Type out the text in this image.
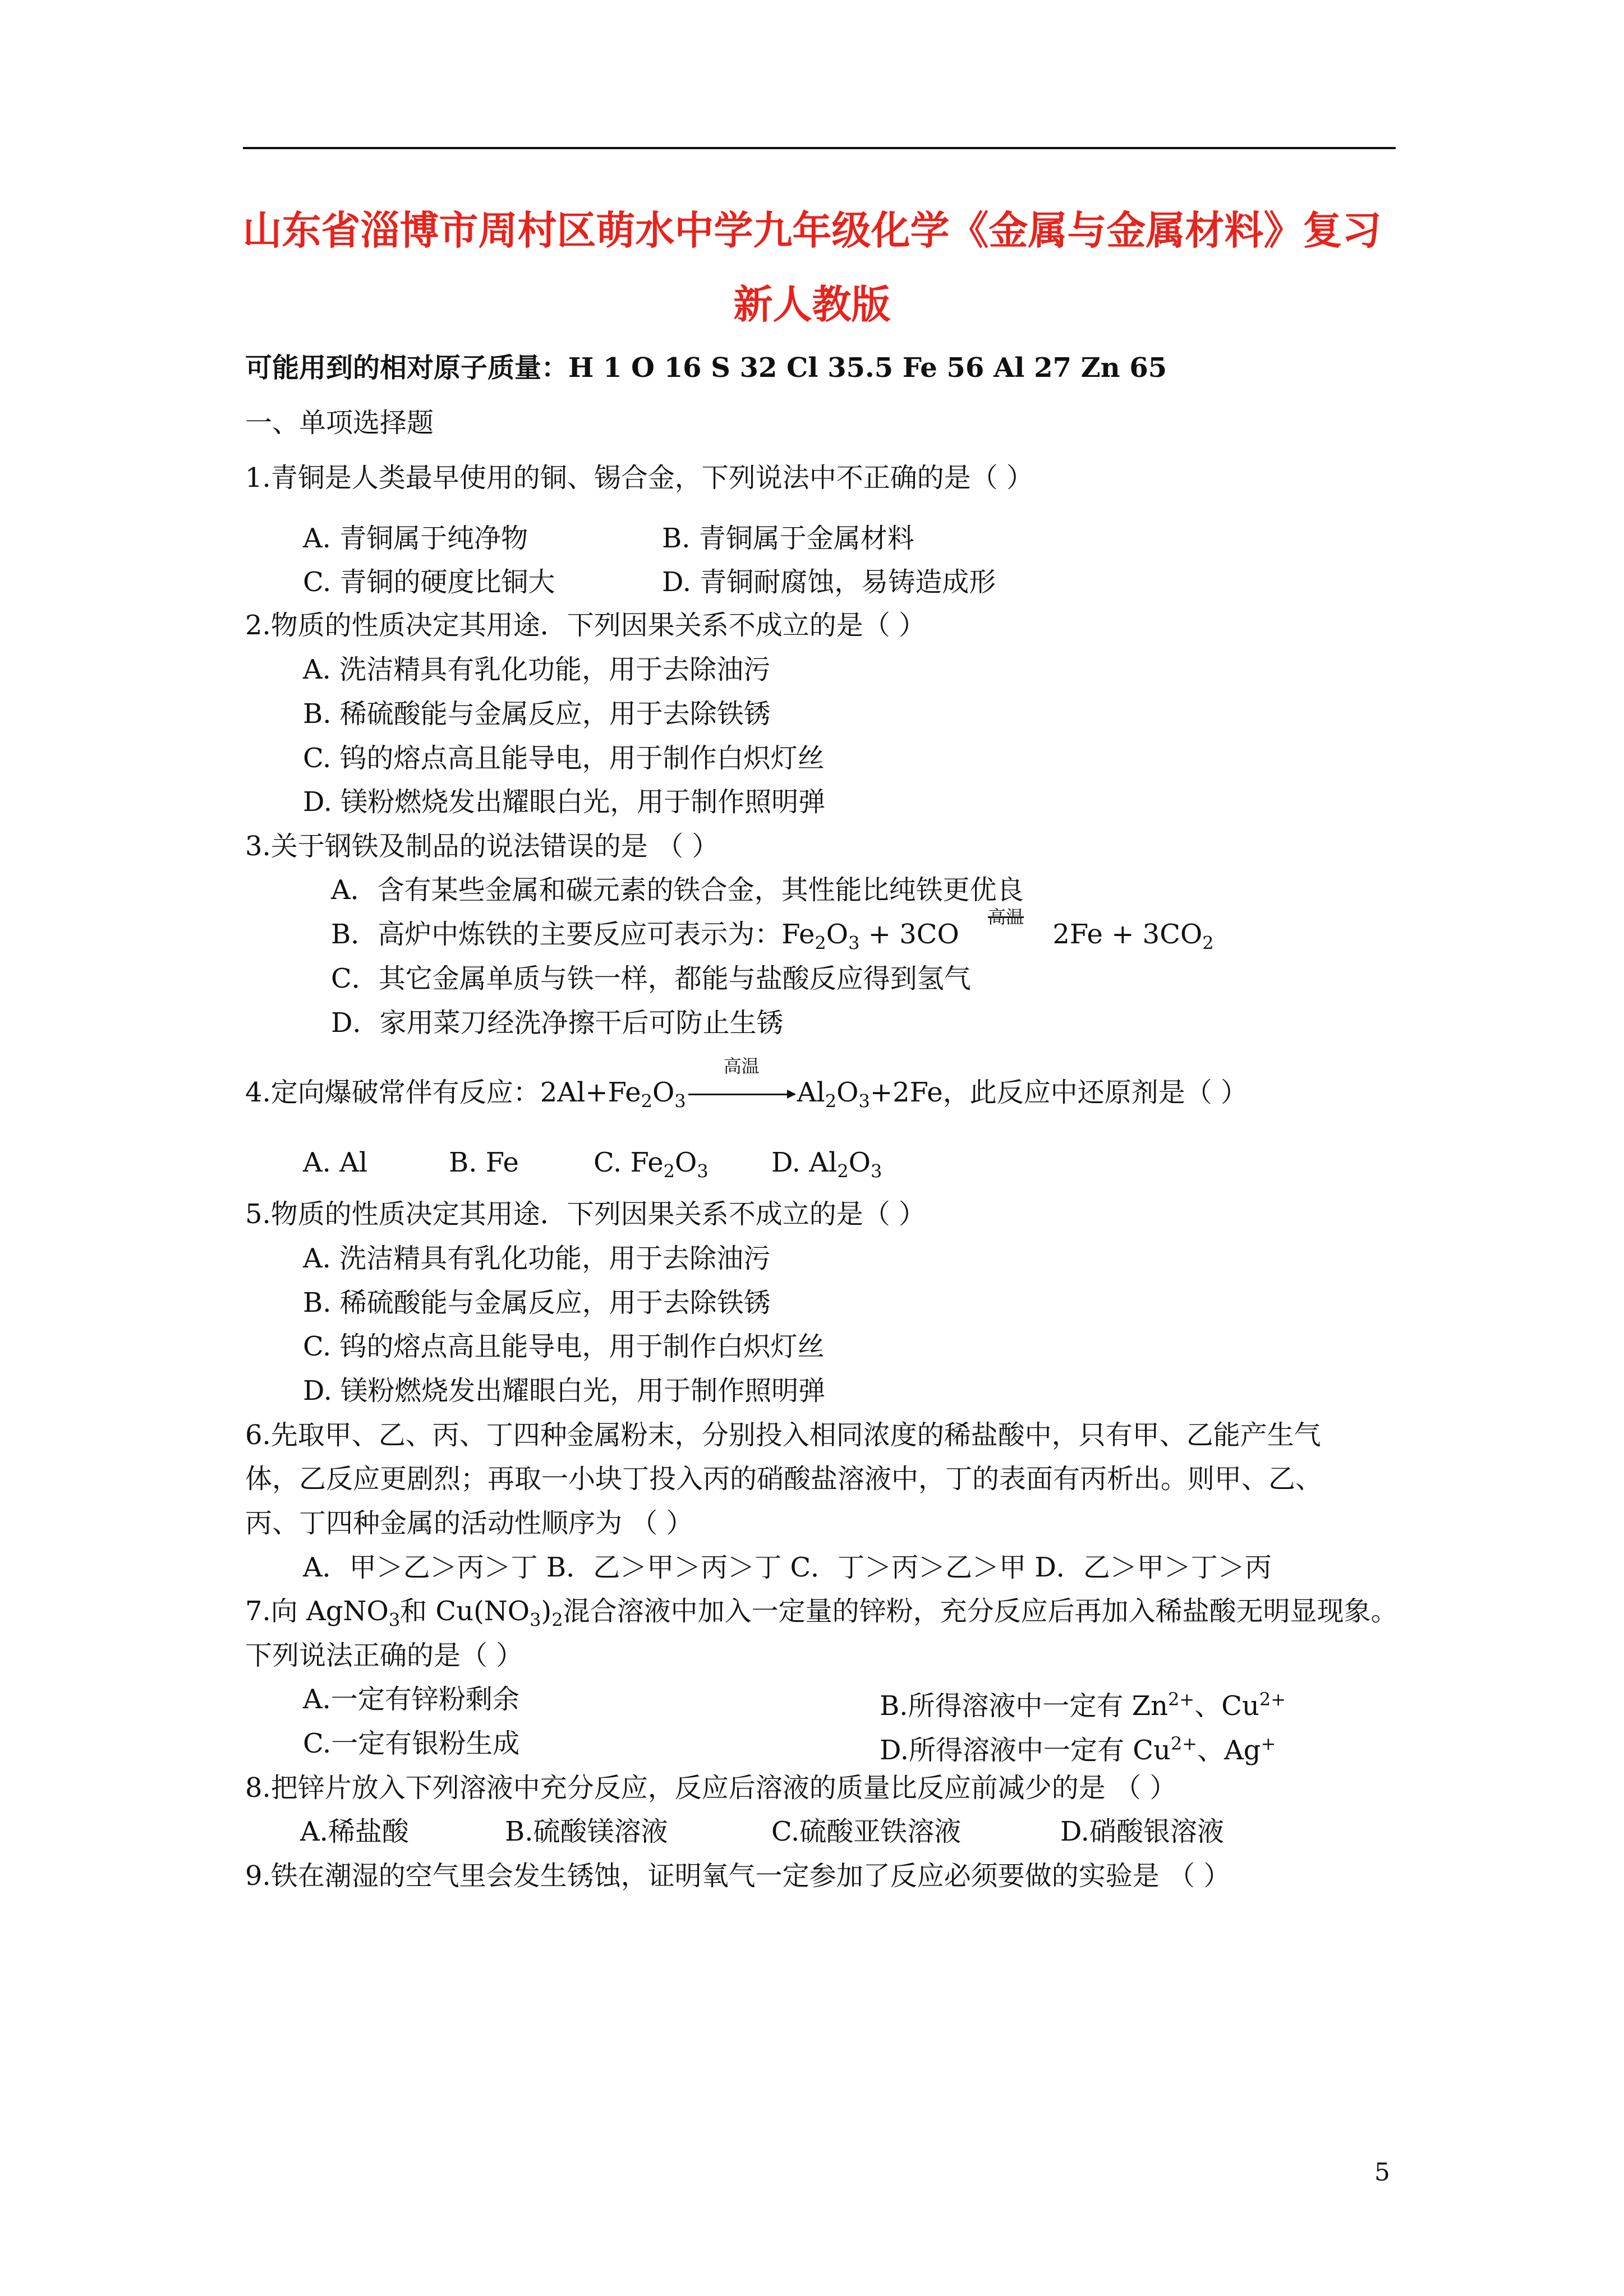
山东省淄博市周村区萌水中学九年级化学《金属与金属材料》复习
新人教版
可能用到的相对原子质量：H 1 O 16 S 32 Cl 35.5 Fe 56 Al 27 Zn 65
一、单项选择题
1.青铜是人类最早使用的铜、锡合金，下列说法中不正确的是（ ）
A. 青铜属于纯净物	B. 青铜属于金属材料
C. 青铜的硬度比铜大	D. 青铜耐腐蚀，易铸造成形
2.物质的性质决定其用途．下列因果关系不成立的是（ ）
A. 洗洁精具有乳化功能，用于去除油污
B. 稀硫酸能与金属反应，用于去除铁锈
C. 钨的熔点高且能导电，用于制作白炽灯丝
D. 镁粉燃烧发出耀眼白光，用于制作照明弹
3.关于钢铁及制品的说法错误的是 （ ）
A．含有某些金属和碳元素的铁合金，其性能比纯铁更优良
B．高炉中炼铁的主要反应可表示为：$Fe_2O_3 + 3CO$
高温
$2Fe + 3CO_2$
C．其它金属单质与铁一样，都能与盐酸反应得到氢气
D．家用菜刀经洗净擦干后可防止生锈
4.定向爆破常伴有反应：$2Al+Fe_2O_3$
高温
$Al_2O_3+2Fe$，此反应中还原剂是（ ）
A. Al	B. Fe	C. $Fe_2O_3$ D. $Al_2O_3$
5.物质的性质决定其用途．下列因果关系不成立的是（ ）
A. 洗洁精具有乳化功能，用于去除油污
B. 稀硫酸能与金属反应，用于去除铁锈
C. 钨的熔点高且能导电，用于制作白炽灯丝
D. 镁粉燃烧发出耀眼白光，用于制作照明弹
6.先取甲、乙、丙、丁四种金属粉末，分别投入相同浓度的稀盐酸中，只有甲、乙能产生气
体，乙反应更剧烈；再取一小块丁投入丙的硝酸盐溶液中，丁的表面有丙析出。则甲、乙、
丙、丁四种金属的活动性顺序为 （ ）
A．甲＞乙＞丙＞丁 B．乙＞甲＞丙＞丁 C．丁＞丙＞乙＞甲 D．乙＞甲＞丁＞丙
7.向 AgNO$_3$和 $Cu(NO_3)_2$混合溶液中加入一定量的锌粉，充分反应后再加入稀盐酸无明显现象。
下列说法正确的是（ ）
A.一定有锌粉剩余	B.所得溶液中一定有 $Zn^{2+}$、$Cu^{2+}$
C.一定有银粉生成	D.所得溶液中一定有 $Cu^{2+}$、Ag+
8.把锌片放入下列溶液中充分反应，反应后溶液的质量比反应前减少的是 （ ）
A.稀盐酸	B.硫酸镁溶液	C.硫酸亚铁溶液	D.硝酸银溶液
9.铁在潮湿的空气里会发生锈蚀，证明氧气一定参加了反应必须要做的实验是 （ ）
5
